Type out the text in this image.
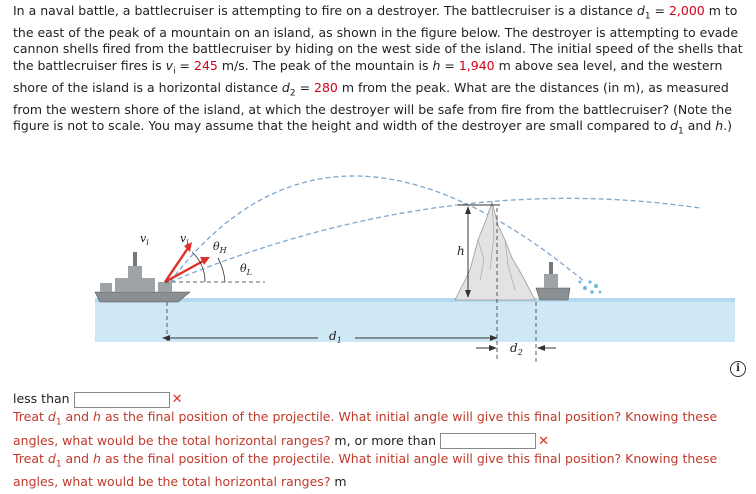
In a naval battle, a battlecruiser is attempting to fire on a destroyer. The battlecruiser is a distance $d_1 = 2,000$ m to the east of the peak of a mountain on an island, as shown in the figure below. The destroyer is attempting to evade cannon shells fired from the battlecruiser by hiding on the west side of the island. The initial speed of the shells that the battlecruiser fires is $v_i = 245$ m/s. The peak of the mountain is h = 1,940 m above sea level, and the western shore of the island is a horizontal distance $d_2 = 280$ m from the peak. What are the distances (in m), as measured from the western shore of the island, at which the destroyer will be safe from fire from the battlecruiser? (Note the figure is not to scale. You may assume that the height and width of the destroyer are small compared to $d_1$ and h.)
h
$v_i$	$v_i$ $\theta_H$
$\theta_L$
$d_1$
$d_2$
i
less than	✕
Treat $d_1$ and h as the final position of the projectile. What initial angle will give this final position? Knowing these angles, what would be the total horizontal ranges? m, or more than	✕
Treat $d_1$ and h as the final position of the projectile. What initial angle will give this final position? Knowing these angles, what would be the total horizontal ranges? m
